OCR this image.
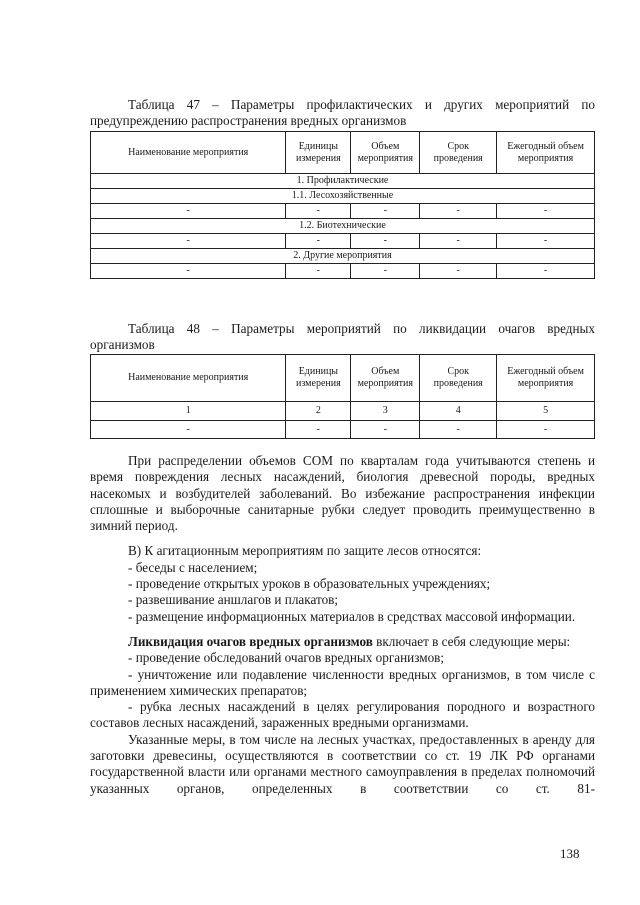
Таблица 47 – Параметры профилактических и других мероприятий по
предупреждению распространения вредных организмов
Наименование мероприятия	Единицы измерения	Объем мероприятия	Срок проведения	Ежегодный объем мероприятия
1. Профилактические				
1.1. Лесохозяйственные				
-	-	-	-	-
1.2. Биотехнические				
-	-	-	-	-
2. Другие мероприятия				
-	-	-	-	-
Таблица 48 – Параметры мероприятий по ликвидации очагов вредных
организмов
Наименование мероприятия	Единицы измерения	Объем мероприятия	Срок проведения	Ежегодный объем мероприятия
1	2	3	4	5
-	-	-	-	-

При распределении объемов СОМ по кварталам года учитываются степень и время повреждения лесных насаждений, биология древесной породы, вредных насекомых и возбудителей заболеваний. Во избежание распространения инфекции сплошные и выборочные санитарные рубки следует проводить преимущественно в зимний период.

В) К агитационным мероприятиям по защите лесов относятся:

- беседы с населением;

- проведение открытых уроков в образовательных учреждениях;

- развешивание аншлагов и плакатов;

- размещение информационных материалов в средствах массовой информации.

Ликвидация очагов вредных организмов включает в себя следующие меры:

- проведение обследований очагов вредных организмов;

- уничтожение или подавление численности вредных организмов, в том числе с применением химических препаратов;

- рубка лесных насаждений в целях регулирования породного и возрастного составов лесных насаждений, зараженных вредными организмами.

Указанные меры, в том числе на лесных участках, предоставленных в аренду для заготовки древесины, осуществляются в соответствии со ст. 19 ЛК РФ органами государственной власти или органами местного самоуправления в пределах полномочий указанных органов, определенных в соответствии со ст. 81-

138
